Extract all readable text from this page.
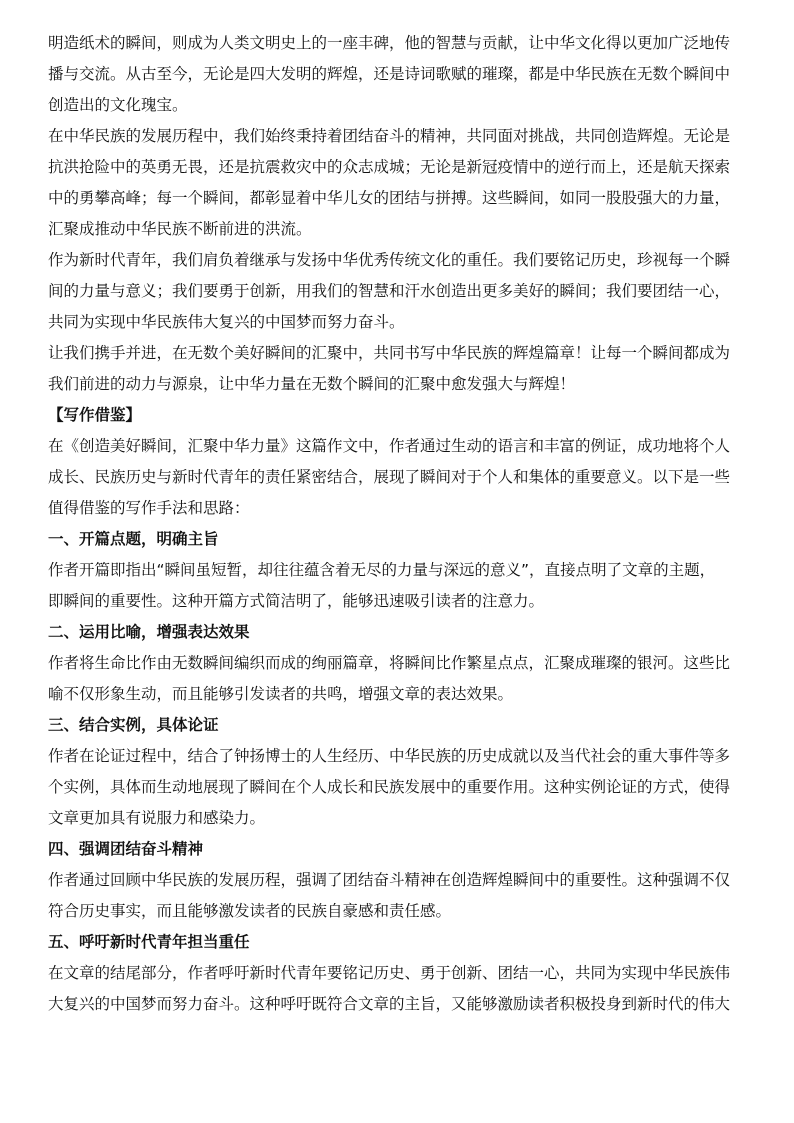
明造纸术的瞬间，则成为人类文明史上的一座丰碑，他的智慧与贡献，让中华文化得以更加广泛地传
播与交流。从古至今，无论是四大发明的辉煌，还是诗词歌赋的璀璨，都是中华民族在无数个瞬间中
创造出的文化瑰宝。
在中华民族的发展历程中，我们始终秉持着团结奋斗的精神，共同面对挑战，共同创造辉煌。无论是
抗洪抢险中的英勇无畏，还是抗震救灾中的众志成城；无论是新冠疫情中的逆行而上，还是航天探索
中的勇攀高峰；每一个瞬间，都彰显着中华儿女的团结与拼搏。这些瞬间，如同一股股强大的力量，
汇聚成推动中华民族不断前进的洪流。
作为新时代青年，我们肩负着继承与发扬中华优秀传统文化的重任。我们要铭记历史，珍视每一个瞬
间的力量与意义；我们要勇于创新，用我们的智慧和汗水创造出更多美好的瞬间；我们要团结一心，
共同为实现中华民族伟大复兴的中国梦而努力奋斗。
让我们携手并进，在无数个美好瞬间的汇聚中，共同书写中华民族的辉煌篇章！让每一个瞬间都成为
我们前进的动力与源泉，让中华力量在无数个瞬间的汇聚中愈发强大与辉煌！
【写作借鉴】
在《创造美好瞬间，汇聚中华力量》这篇作文中，作者通过生动的语言和丰富的例证，成功地将个人
成长、民族历史与新时代青年的责任紧密结合，展现了瞬间对于个人和集体的重要意义。以下是一些
值得借鉴的写作手法和思路：
一、开篇点题，明确主旨
作者开篇即指出“瞬间虽短暂，却往往蕴含着无尽的力量与深远的意义”，直接点明了文章的主题，
即瞬间的重要性。这种开篇方式简洁明了，能够迅速吸引读者的注意力。
二、运用比喻，增强表达效果
作者将生命比作由无数瞬间编织而成的绚丽篇章，将瞬间比作繁星点点，汇聚成璀璨的银河。这些比
喻不仅形象生动，而且能够引发读者的共鸣，增强文章的表达效果。
三、结合实例，具体论证
作者在论证过程中，结合了钟扬博士的人生经历、中华民族的历史成就以及当代社会的重大事件等多
个实例，具体而生动地展现了瞬间在个人成长和民族发展中的重要作用。这种实例论证的方式，使得
文章更加具有说服力和感染力。
四、强调团结奋斗精神
作者通过回顾中华民族的发展历程，强调了团结奋斗精神在创造辉煌瞬间中的重要性。这种强调不仅
符合历史事实，而且能够激发读者的民族自豪感和责任感。
五、呼吁新时代青年担当重任
在文章的结尾部分，作者呼吁新时代青年要铭记历史、勇于创新、团结一心，共同为实现中华民族伟
大复兴的中国梦而努力奋斗。这种呼吁既符合文章的主旨，又能够激励读者积极投身到新时代的伟大
